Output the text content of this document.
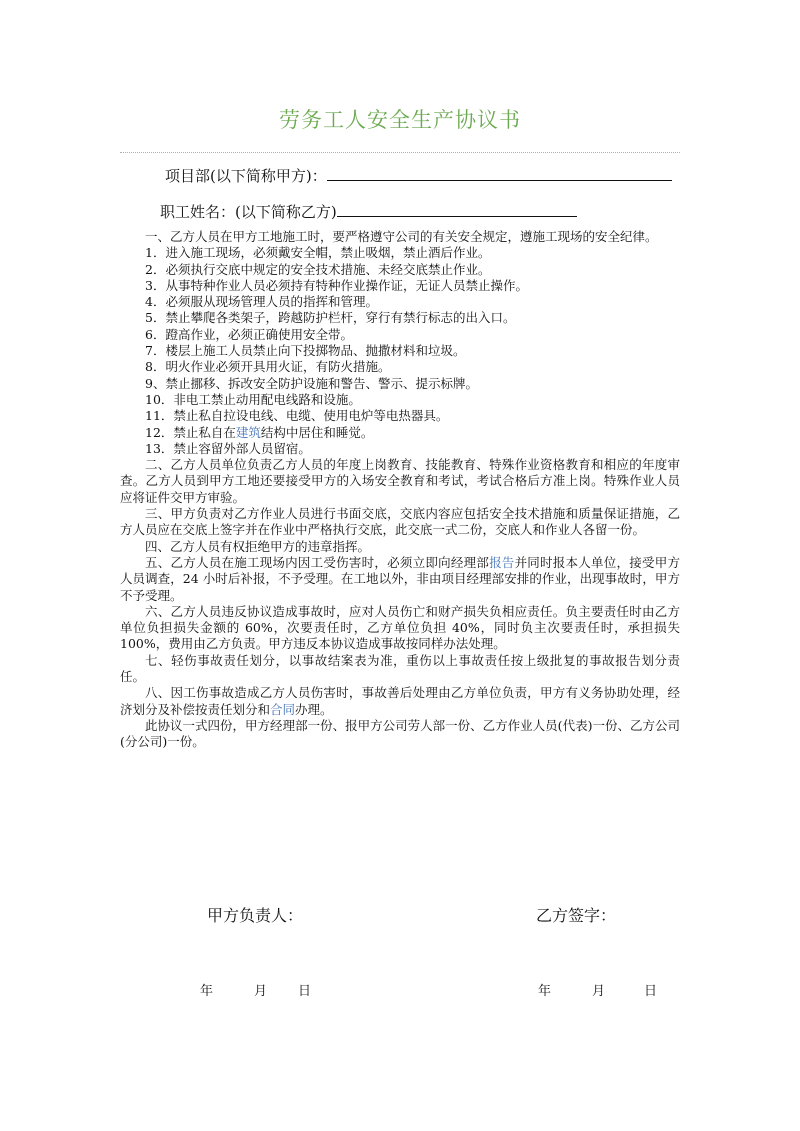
劳务工人安全生产协议书
项目部(以下简称甲方)：
职工姓名：(以下简称乙方)

一、乙方人员在甲方工地施工时，要严格遵守公司的有关安全规定，遵施工现场的安全纪律。

1．进入施工现场，必须戴安全帽，禁止吸烟，禁止酒后作业。

2．必须执行交底中规定的安全技术措施、未经交底禁止作业。

3．从事特种作业人员必须持有特种作业操作证，无证人员禁止操作。

4．必须服从现场管理人员的指挥和管理。

5．禁止攀爬各类架子，跨越防护栏杆，穿行有禁行标志的出入口。

6．蹬高作业，必须正确使用安全带。

7．楼层上施工人员禁止向下投掷物品、抛撒材料和垃圾。

8．明火作业必须开具用火证，有防火措施。

9、禁止挪移、拆改安全防护设施和警告、警示、提示标牌。

10．非电工禁止动用配电线路和设施。

11．禁止私自拉设电线、电缆、使用电炉等电热器具。

12．禁止私自在建筑结构中居住和睡觉。

13．禁止容留外部人员留宿。

二、乙方人员单位负责乙方人员的年度上岗教育、技能教育、特殊作业资格教育和相应的年度审查。乙方人员到甲方工地还要接受甲方的入场安全教育和考试，考试合格后方准上岗。特殊作业人员应将证件交甲方审验。

三、甲方负责对乙方作业人员进行书面交底，交底内容应包括安全技术措施和质量保证措施，乙方人员应在交底上签字并在作业中严格执行交底，此交底一式二份，交底人和作业人各留一份。

四、乙方人员有权拒绝甲方的违章指挥。

五、乙方人员在施工现场内因工受伤害时，必须立即向经理部报告并同时报本人单位，接受甲方人员调查，24 小时后补报，不予受理。在工地以外，非由项目经理部安排的作业，出现事故时，甲方不予受理。

六、乙方人员违反协议造成事故时，应对人员伤亡和财产损失负相应责任。负主要责任时由乙方单位负担损失金额的 60%，次要责任时，乙方单位负担 40%，同时负主次要责任时，承担损失 100%，费用由乙方负责。甲方违反本协议造成事故按同样办法处理。

七、轻伤事故责任划分，以事故结案表为准，重伤以上事故责任按上级批复的事故报告划分责任。

八、因工伤事故造成乙方人员伤害时，事故善后处理由乙方单位负责，甲方有义务协助处理，经济划分及补偿按责任划分和合同办理。

此协议一式四份，甲方经理部一份、报甲方公司劳人部一份、乙方作业人员(代表)一份、乙方公司(分公司)一份。

甲方负责人：	乙方签字：
年	月 日	年	月	日
